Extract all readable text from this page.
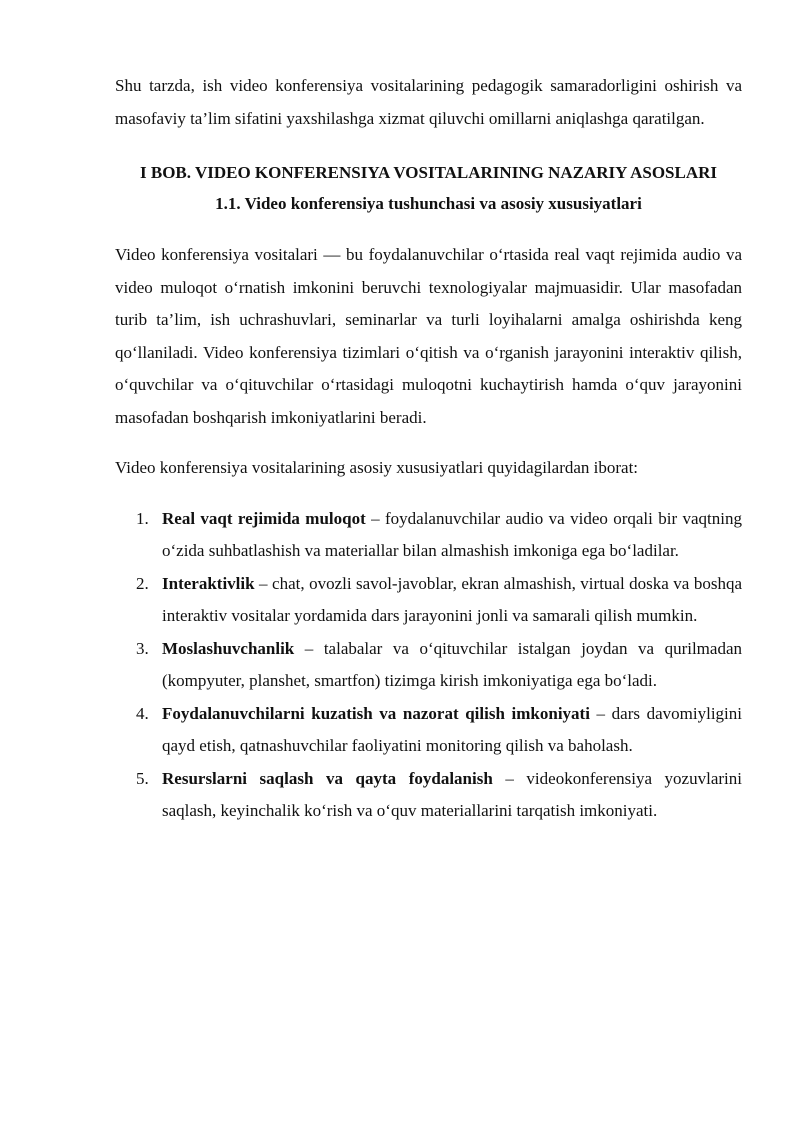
Shu tarzda, ish video konferensiya vositalarining pedagogik samaradorligini oshirish va masofaviy ta’lim sifatini yaxshilashga xizmat qiluvchi omillarni aniqlashga qaratilgan.

I BOB. VIDEO KONFERENSIYA VOSITALARINING NAZARIY ASOSLARI
1.1. Video konferensiya tushunchasi va asosiy xususiyatlari

Video konferensiya vositalari — bu foydalanuvchilar o‘rtasida real vaqt rejimida audio va video muloqot o‘rnatish imkonini beruvchi texnologiyalar majmuasidir. Ular masofadan turib ta’lim, ish uchrashuvlari, seminarlar va turli loyihalarni amalga oshirishda keng qo‘llaniladi. Video konferensiya tizimlari o‘qitish va o‘rganish jarayonini interaktiv qilish, o‘quvchilar va o‘qituvchilar o‘rtasidagi muloqotni kuchaytirish hamda o‘quv jarayonini masofadan boshqarish imkoniyatlarini beradi.

Video konferensiya vositalarining asosiy xususiyatlari quyidagilardan iborat:

1. Real vaqt rejimida muloqot – foydalanuvchilar audio va video orqali bir vaqtning o‘zida suhbatlashish va materiallar bilan almashish imkoniga ega bo‘ladilar.
2. Interaktivlik – chat, ovozli savol-javoblar, ekran almashish, virtual doska va boshqa interaktiv vositalar yordamida dars jarayonini jonli va samarali qilish mumkin.
3. Moslashuvchanlik – talabalar va o‘qituvchilar istalgan joydan va qurilmadan (kompyuter, planshet, smartfon) tizimga kirish imkoniyatiga ega bo‘ladi.
4. Foydalanuvchilarni kuzatish va nazorat qilish imkoniyati – dars davomiyligini qayd etish, qatnashuvchilar faoliyatini monitoring qilish va baholash.
5. Resurslarni saqlash va qayta foydalanish – videokonferensiya yozuvlarini saqlash, keyinchalik ko‘rish va o‘quv materiallarini tarqatish imkoniyati.
